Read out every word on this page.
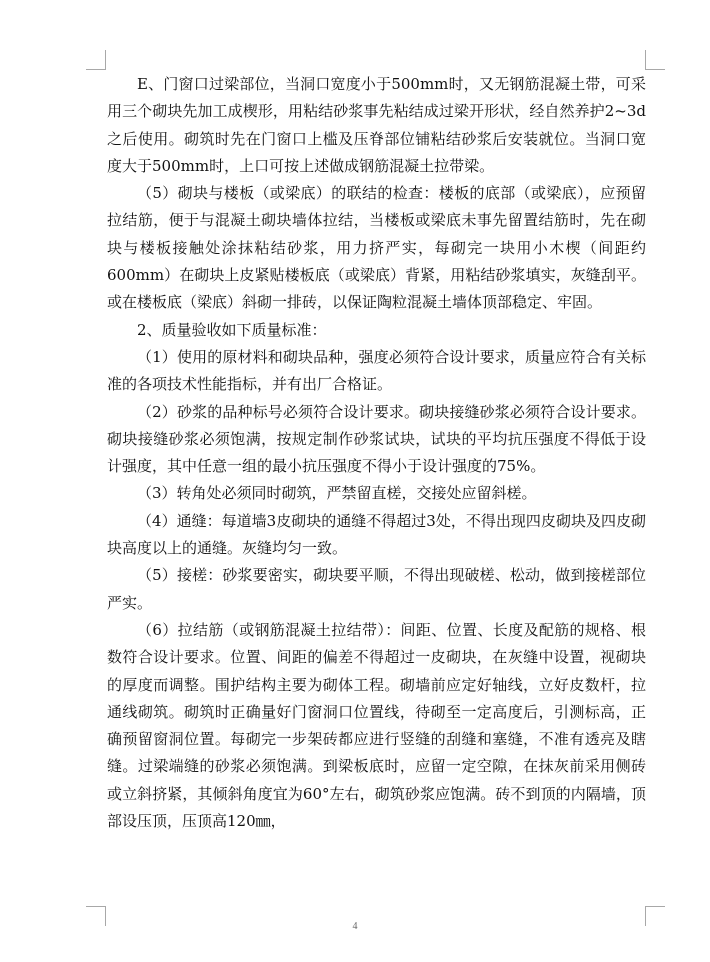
E、门窗口过梁部位，当洞口宽度小于500mm时，又无钢筋混凝土带，可采用三个砌块先加工成楔形，用粘结砂浆事先粘结成过梁开形状，经自然养护2~3d之后使用。砌筑时先在门窗口上槛及压脊部位铺粘结砂浆后安装就位。当洞口宽度大于500mm时，上口可按上述做成钢筋混凝土拉带梁。

（5）砌块与楼板（或梁底）的联结的检查：楼板的底部（或梁底），应预留拉结筋，便于与混凝土砌块墙体拉结，当楼板或梁底未事先留置结筋时，先在砌块与楼板接触处涂抹粘结砂浆，用力挤严实，每砌完一块用小木楔（间距约600mm）在砌块上皮紧贴楼板底（或梁底）背紧，用粘结砂浆填实，灰缝刮平。或在楼板底（梁底）斜砌一排砖，以保证陶粒混凝土墙体顶部稳定、牢固。

2、质量验收如下质量标准：

（1）使用的原材料和砌块品种，强度必须符合设计要求，质量应符合有关标准的各项技术性能指标，并有出厂合格证。

（2）砂浆的品种标号必须符合设计要求。砌块接缝砂浆必须符合设计要求。砌块接缝砂浆必须饱满，按规定制作砂浆试块，试块的平均抗压强度不得低于设计强度，其中任意一组的最小抗压强度不得小于设计强度的75%。

（3）转角处必须同时砌筑，严禁留直槎，交接处应留斜槎。

（4）通缝：每道墙3皮砌块的通缝不得超过3处，不得出现四皮砌块及四皮砌块高度以上的通缝。灰缝均匀一致。

（5）接槎：砂浆要密实，砌块要平顺，不得出现破槎、松动，做到接槎部位严实。

（6）拉结筋（或钢筋混凝土拉结带）：间距、位置、长度及配筋的规格、根数符合设计要求。位置、间距的偏差不得超过一皮砌块，在灰缝中设置，视砌块的厚度而调整。围护结构主要为砌体工程。砌墙前应定好轴线，立好皮数杆，拉通线砌筑。砌筑时正确量好门窗洞口位置线，待砌至一定高度后，引测标高，正确预留窗洞位置。每砌完一步架砖都应进行竖缝的刮缝和塞缝，不准有透亮及瞎缝。过梁端缝的砂浆必须饱满。到梁板底时，应留一定空隙，在抹灰前采用侧砖或立斜挤紧，其倾斜角度宜为60°左右，砌筑砂浆应饱满。砖不到顶的内隔墙，顶部设压顶，压顶高120㎜，

4
